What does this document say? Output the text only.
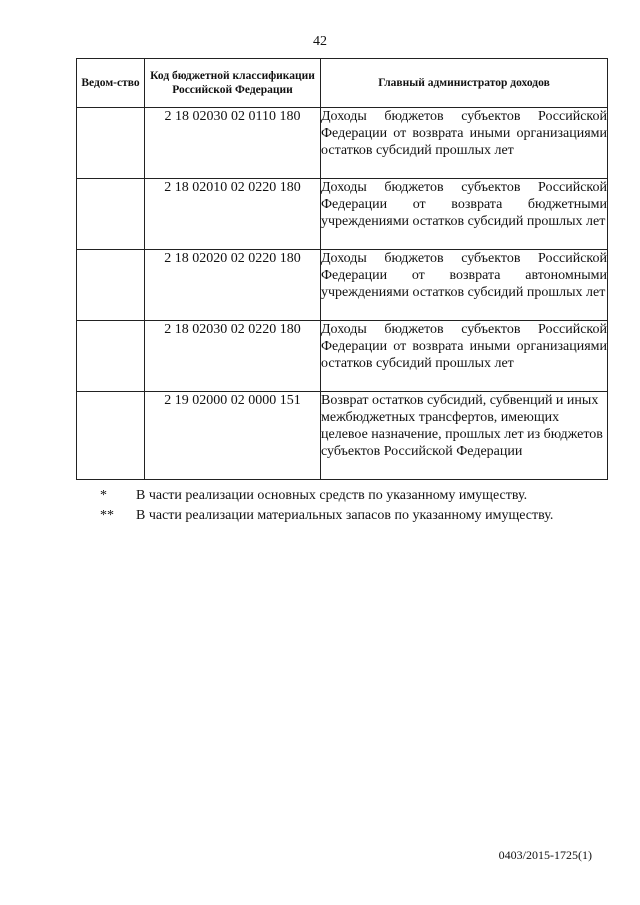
42
Ведом-ство	Код бюджетной классификации Российской Федерации	Главный администратор доходов
	2 18 02030 02 0110 180	Доходы бюджетов субъектов Российской Федерации от возврата иными организациями остатков субсидий прошлых лет
	2 18 02010 02 0220 180	Доходы бюджетов субъектов Российской Федерации от возврата бюджетными учреждениями остатков субсидий прошлых лет
	2 18 02020 02 0220 180	Доходы бюджетов субъектов Российской Федерации от возврата автономными учреждениями остатков субсидий прошлых лет
	2 18 02030 02 0220 180	Доходы бюджетов субъектов Российской Федерации от возврата иными организациями остатков субсидий прошлых лет
	2 19 02000 02 0000 151	Возврат остатков субсидий, субвенций и иных межбюджетных трансфертов, имеющих целевое назначение, прошлых лет из бюджетов субъектов Российской Федерации
*	В части реализации основных средств по указанному имуществу.
**	В части реализации материальных запасов по указанному имуществу.
0403/2015-1725(1)
